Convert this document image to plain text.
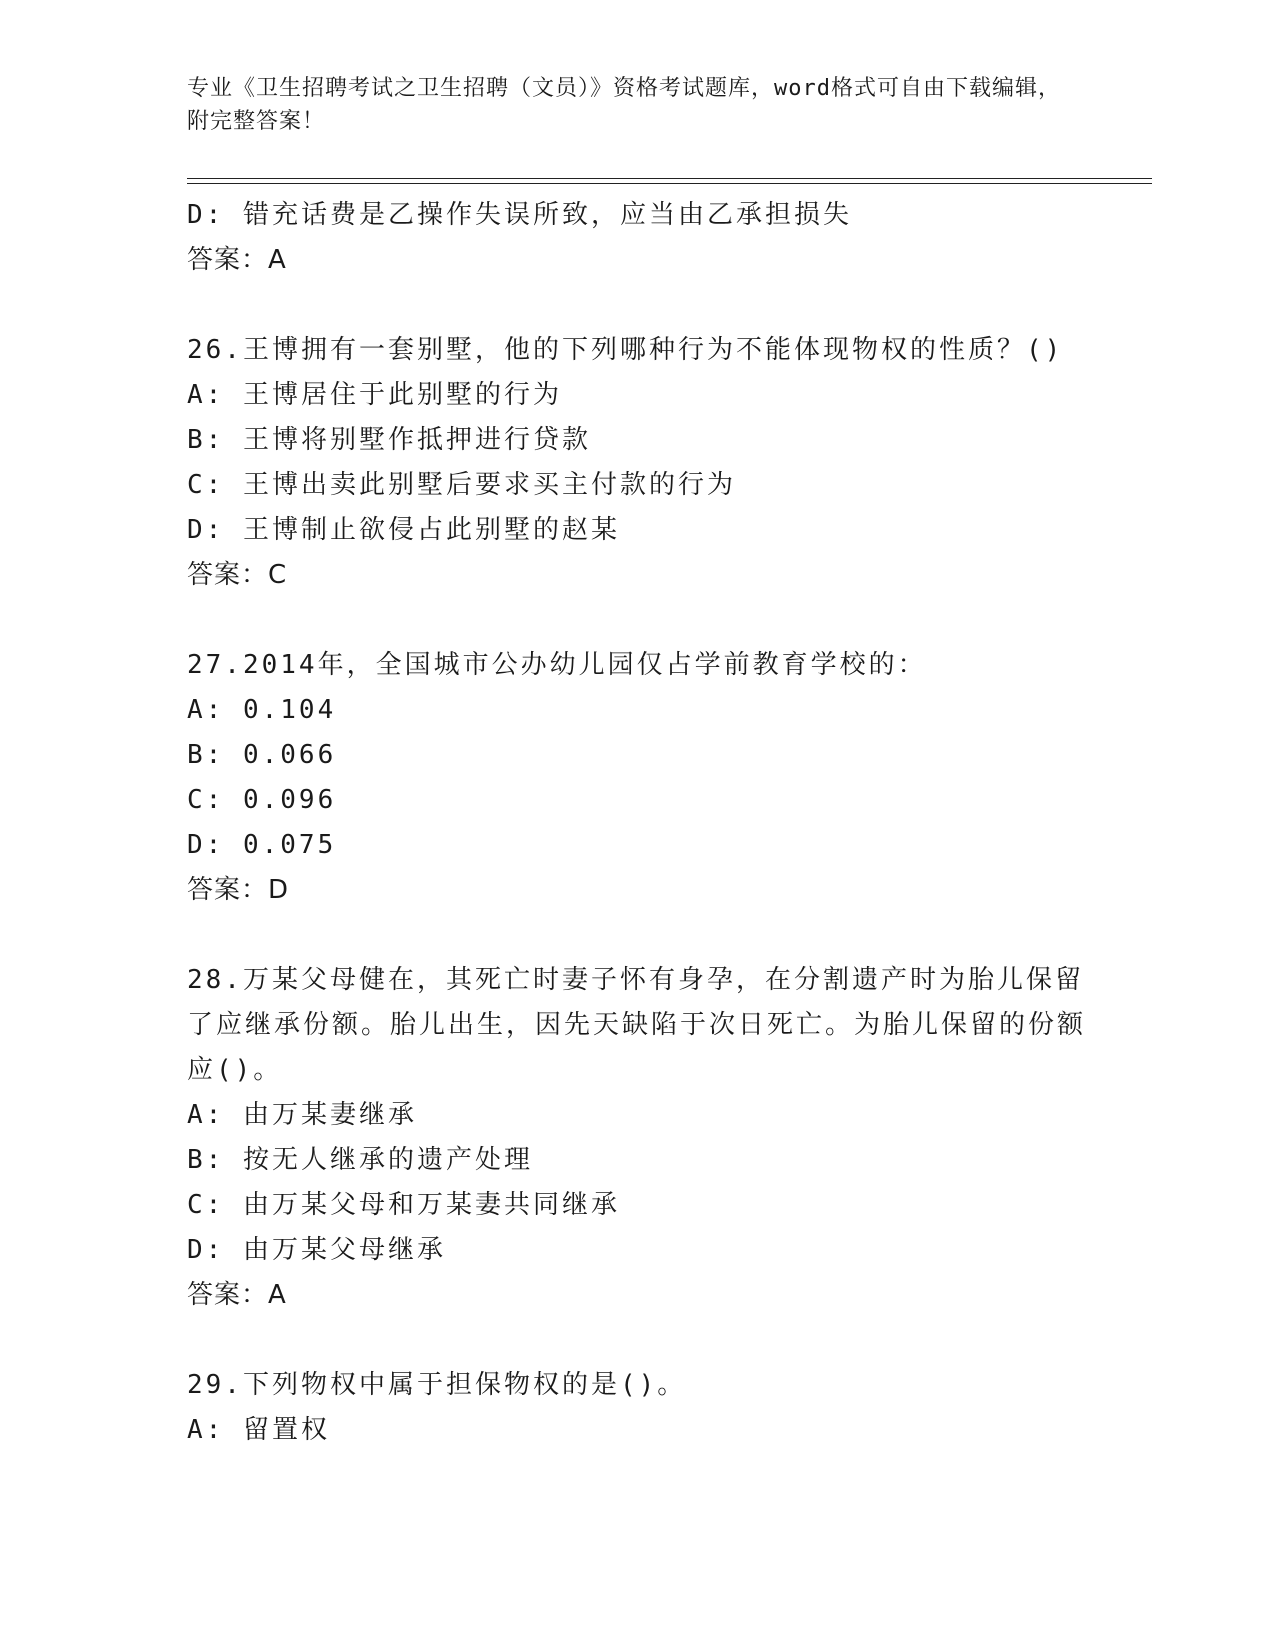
专业《卫生招聘考试之卫生招聘（文员）》资格考试题库，word格式可自由下载编辑，附完整答案！
D: 错充话费是乙操作失误所致，应当由乙承担损失
答案：A
26.王博拥有一套别墅，他的下列哪种行为不能体现物权的性质？()
A: 王博居住于此别墅的行为
B: 王博将别墅作抵押进行贷款
C: 王博出卖此别墅后要求买主付款的行为
D: 王博制止欲侵占此别墅的赵某
答案：C
27.2014年，全国城市公办幼儿园仅占学前教育学校的：
A: 0.104
B: 0.066
C: 0.096
D: 0.075
答案：D
28.万某父母健在，其死亡时妻子怀有身孕，在分割遗产时为胎儿保留了应继承份额。胎儿出生，因先天缺陷于次日死亡。为胎儿保留的份额应()。
A: 由万某妻继承
B: 按无人继承的遗产处理
C: 由万某父母和万某妻共同继承
D: 由万某父母继承
答案：A
29.下列物权中属于担保物权的是()。
A: 留置权
